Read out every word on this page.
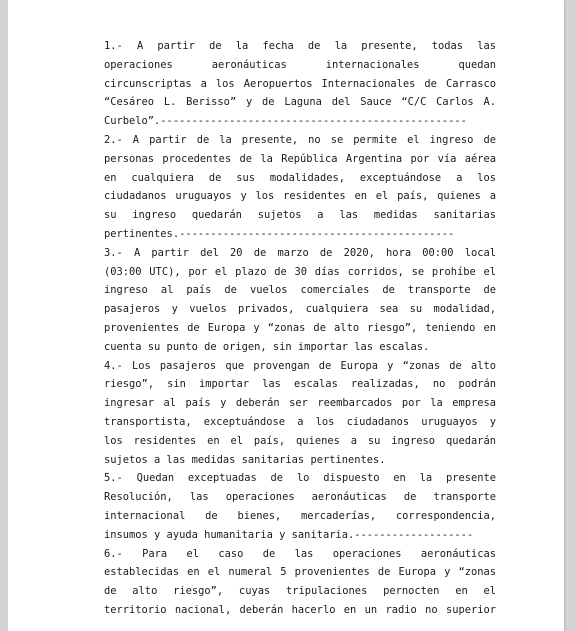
1.- A partir de la fecha de la presente, todas las
operaciones aeronáuticas internacionales quedan
circunscriptas a los Aeropuertos Internacionales de Carrasco
“Cesáreo L. Berisso” y de Laguna del Sauce “C/C Carlos A.
Curbelo”.-------------------------------------------------
2.- A partir de la presente, no se permite el ingreso de
personas procedentes de la República Argentina por vía aérea
en cualquiera de sus modalidades, exceptuándose a los
ciudadanos uruguayos y los residentes en el país, quienes a
su ingreso quedarán sujetos a las medidas sanitarias
pertinentes.--------------------------------------------
3.- A partir del 20 de marzo de 2020, hora 00:00 local
(03:00 UTC), por el plazo de 30 días corridos, se prohíbe el
ingreso al país de vuelos comerciales de transporte de
pasajeros y vuelos privados, cualquiera sea su modalidad,
provenientes de Europa y “zonas de alto riesgo”, teniendo en
cuenta su punto de origen, sin importar las escalas.
4.- Los pasajeros que provengan de Europa y “zonas de alto
riesgo”, sin importar las escalas realizadas, no podrán
ingresar al país y deberán ser reembarcados por la empresa
transportista, exceptuándose a los ciudadanos uruguayos y
los residentes en el país, quienes a su ingreso quedarán
sujetos a las medidas sanitarias pertinentes.
5.- Quedan exceptuadas de lo dispuesto en la presente
Resolución, las operaciones aeronáuticas de transporte
internacional de bienes, mercaderías, correspondencia,
insumos y ayuda humanitaria y sanitaria.-------------------
6.- Para el caso de las operaciones aeronáuticas
establecidas en el numeral 5 provenientes de Europa y “zonas
de alto riesgo”, cuyas tripulaciones pernocten en el
territorio nacional, deberán hacerlo en un radio no superior
